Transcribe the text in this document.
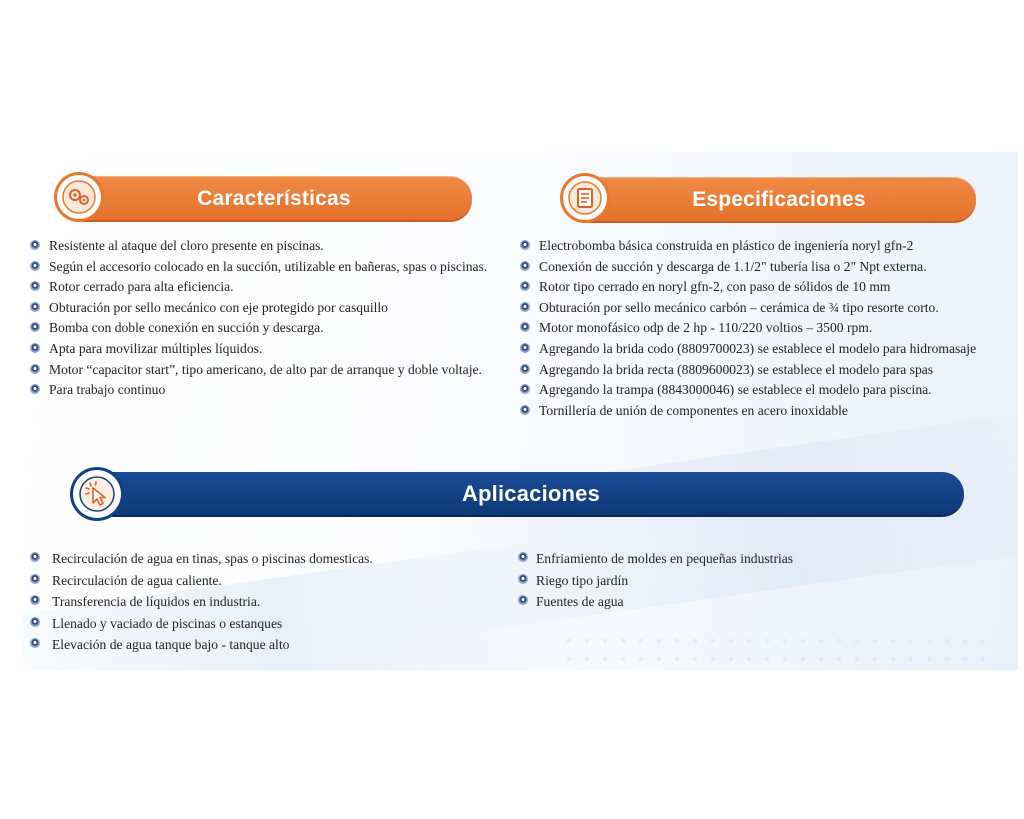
Características	Especificaciones
Resistente al ataque del cloro presente en piscinas.
Según el accesorio colocado en la succión, utilizable en bañeras, spas o piscinas.
Rotor cerrado para alta eficiencia.
Obturación por sello mecánico con eje protegido por casquillo
Bomba con doble conexión en succión y descarga.
Apta para movilizar múltiples líquidos.
Motor “capacitor start”, tipo americano, de alto par de arranque y doble voltaje.
Para trabajo continuo
Electrobomba básica construida en plástico de ingeniería noryl gfn-2
Conexión de succión y descarga de 1.1/2" tubería lisa o 2" Npt externa.
Rotor tipo cerrado en noryl gfn-2, con paso de sólidos de 10 mm
Obturación por sello mecánico carbón – cerámica de ¾ tipo resorte corto.
Motor monofásico odp de 2 hp - 110/220 voltios – 3500 rpm.
Agregando la brida codo (8809700023) se establece el modelo para hidromasaje
Agregando la brida recta (8809600023) se establece el modelo para spas
Agregando la trampa (8843000046) se establece el modelo para piscina.
Tornillería de unión de componentes en acero inoxidable
Aplicaciones
Recirculación de agua en tinas, spas o piscinas domesticas.
Recirculación de agua caliente.
Transferencia de líquidos en industria.
Llenado y vaciado de piscinas o estanques
Elevación de agua tanque bajo - tanque alto
Enfriamiento de moldes en pequeñas industrias
Riego tipo jardín
Fuentes de agua
